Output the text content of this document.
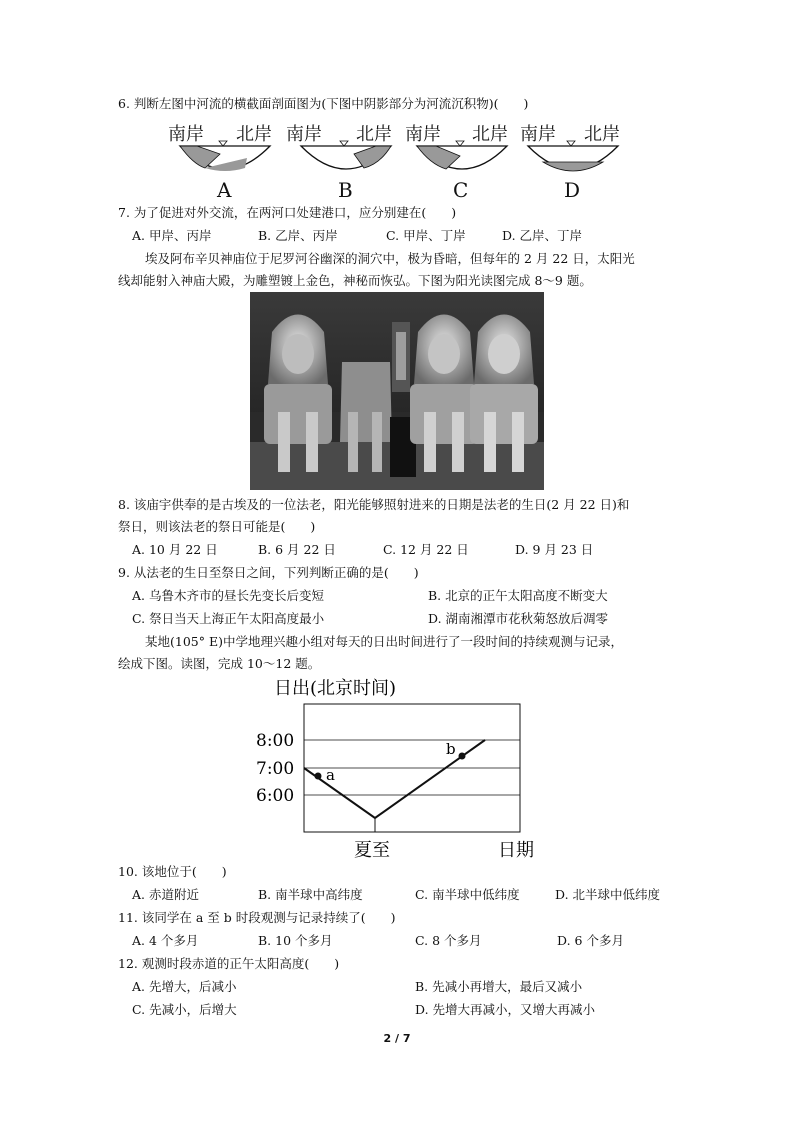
6. 判断左图中河流的横截面剖面图为(下图中阴影部分为河流沉积物)(　　)
南岸 北岸
A
南岸 北岸
B
南岸 北岸
C
南岸 北岸
D
7. 为了促进对外交流，在两河口处建港口，应分别建在(　　)
A. 甲岸、丙岸	B. 乙岸、丙岸	C. 甲岸、丁岸	D. 乙岸、丁岸
埃及阿布辛贝神庙位于尼罗河谷幽深的洞穴中，极为昏暗，但每年的 2 月 22 日，太阳光
线却能射入神庙大殿，为雕塑镀上金色，神秘而恢弘。下图为阳光读图完成 8～9 题。
8. 该庙宇供奉的是古埃及的一位法老，阳光能够照射进来的日期是法老的生日(2 月 22 日)和
祭日，则该法老的祭日可能是(　　)
A. 10 月 22 日	B. 6 月 22 日	C. 12 月 22 日	D. 9 月 23 日
9. 从法老的生日至祭日之间，下列判断正确的是(　　)
A. 乌鲁木齐市的昼长先变长后变短	B. 北京的正午太阳高度不断变大
C. 祭日当天上海正午太阳高度最小	D. 湖南湘潭市花秋菊怒放后凋零
某地(105° E)中学地理兴趣小组对每天的日出时间进行了一段时间的持续观测与记录，
绘成下图。读图，完成 10～12 题。
日出(北京时间)
8:00
7:00
6:00
a
b
夏至	日期
10. 该地位于(　　)
A. 赤道附近	B. 南半球中高纬度	C. 南半球中低纬度	D. 北半球中低纬度
11. 该同学在 a 至 b 时段观测与记录持续了(　　)
A. 4 个多月	B. 10 个多月	C. 8 个多月	D. 6 个多月
12. 观测时段赤道的正午太阳高度(　　)
A. 先增大，后减小	B. 先减小再增大，最后又减小
C. 先减小，后增大	D. 先增大再减小，又增大再减小
2 / 7
